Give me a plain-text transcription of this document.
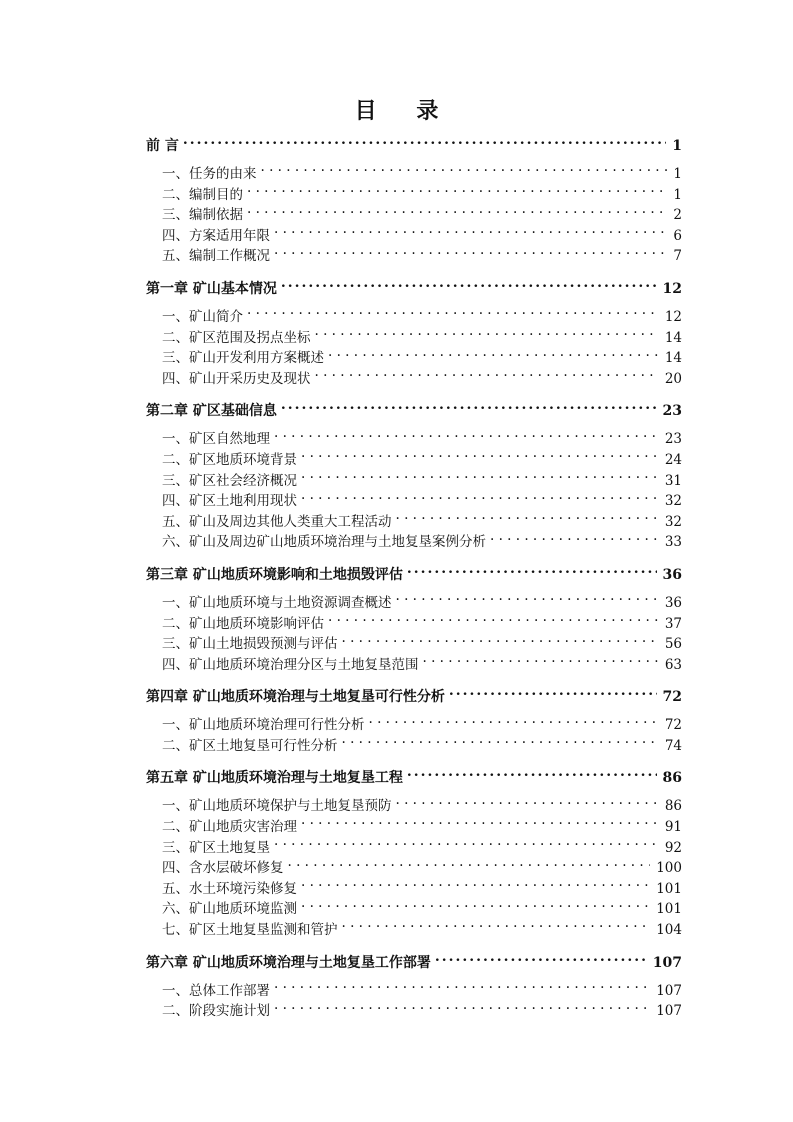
目 录
前 言 .....	1
一、任务的由来 . . .	1
二、编制目的 . . .	1
三、编制依据 . . .	2
四、方案适用年限 . . .	6
五、编制工作概况 . . .	7
第一章 矿山基本情况 .....	12
一、矿山简介 . . .	12
二、矿区范围及拐点坐标 . . .	14
三、矿山开发利用方案概述 . . .	14
四、矿山开采历史及现状 . . .	20
第二章 矿区基础信息 .....	23
一、矿区自然地理 . . .	23
二、矿区地质环境背景 . . .	24
三、矿区社会经济概况 . . .	31
四、矿区土地利用现状 . . .	32
五、矿山及周边其他人类重大工程活动 . . .	32
六、矿山及周边矿山地质环境治理与土地复垦案例分析 . . .	33
第三章 矿山地质环境影响和土地损毁评估 .....	36
一、矿山地质环境与土地资源调查概述 . . .	36
二、矿山地质环境影响评估 . . .	37
三、矿山土地损毁预测与评估 . . .	56
四、矿山地质环境治理分区与土地复垦范围 . . .	63
第四章 矿山地质环境治理与土地复垦可行性分析 .....	72
一、矿山地质环境治理可行性分析 . . .	72
二、矿区土地复垦可行性分析 . . .	74
第五章 矿山地质环境治理与土地复垦工程 .....	86
一、矿山地质环境保护与土地复垦预防 . . .	86
二、矿山地质灾害治理 . . .	91
三、矿区土地复垦 . . .	92
四、含水层破坏修复 . . .	100
五、水土环境污染修复 . . .	101
六、矿山地质环境监测 . . .	101
七、矿区土地复垦监测和管护 . . .	104
第六章 矿山地质环境治理与土地复垦工作部署 .....	107
一、总体工作部署 . . .	107
二、阶段实施计划 . . .	107
